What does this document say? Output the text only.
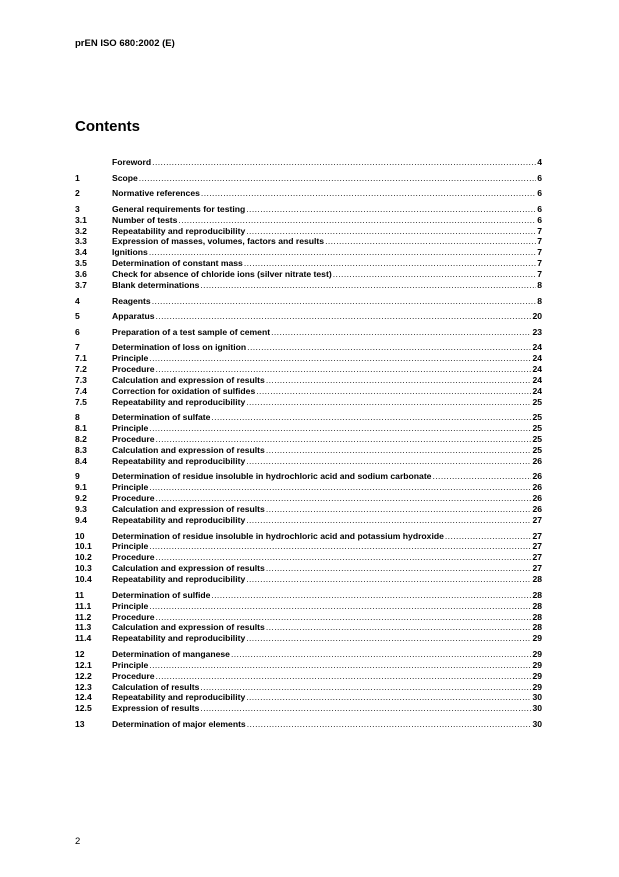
prEN ISO 680:2002 (E)
Contents
Foreword .....	4
1	Scope .....	6
2	Normative references .....	6
3	General requirements for testing .....	6
3.1	Number of tests .....	6
3.2	Repeatability and reproducibility .....	7
3.3	Expression of masses, volumes, factors and results .....	7
3.4	Ignitions .....	7
3.5	Determination of constant mass .....	7
3.6	Check for absence of chloride ions (silver nitrate test) .....	7
3.7	Blank determinations .....	8
4	Reagents .....	8
5	Apparatus .....	20
6	Preparation of a test sample of cement .....	23
7	Determination of loss on ignition .....	24
7.1	Principle .....	24
7.2	Procedure .....	24
7.3	Calculation and expression of results .....	24
7.4	Correction for oxidation of sulfides .....	24
7.5	Repeatability and reproducibility .....	25
8	Determination of sulfate .....	25
8.1	Principle .....	25
8.2	Procedure .....	25
8.3	Calculation and expression of results .....	25
8.4	Repeatability and reproducibility .....	26
9	Determination of residue insoluble in hydrochloric acid and sodium carbonate .....	26
9.1	Principle .....	26
9.2	Procedure .....	26
9.3	Calculation and expression of results .....	26
9.4	Repeatability and reproducibility .....	27
10	Determination of residue insoluble in hydrochloric acid and potassium hydroxide .....	27
10.1	Principle .....	27
10.2	Procedure .....	27
10.3	Calculation and expression of results .....	27
10.4	Repeatability and reproducibility .....	28
11	Determination of sulfide .....	28
11.1	Principle .....	28
11.2	Procedure .....	28
11.3	Calculation and expression of results .....	28
11.4	Repeatability and reproducibility .....	29
12	Determination of manganese .....	29
12.1	Principle .....	29
12.2	Procedure .....	29
12.3	Calculation of results .....	29
12.4	Repeatability and reproducibility .....	30
12.5	Expression of results .....	30
13	Determination of major elements .....	30
2
